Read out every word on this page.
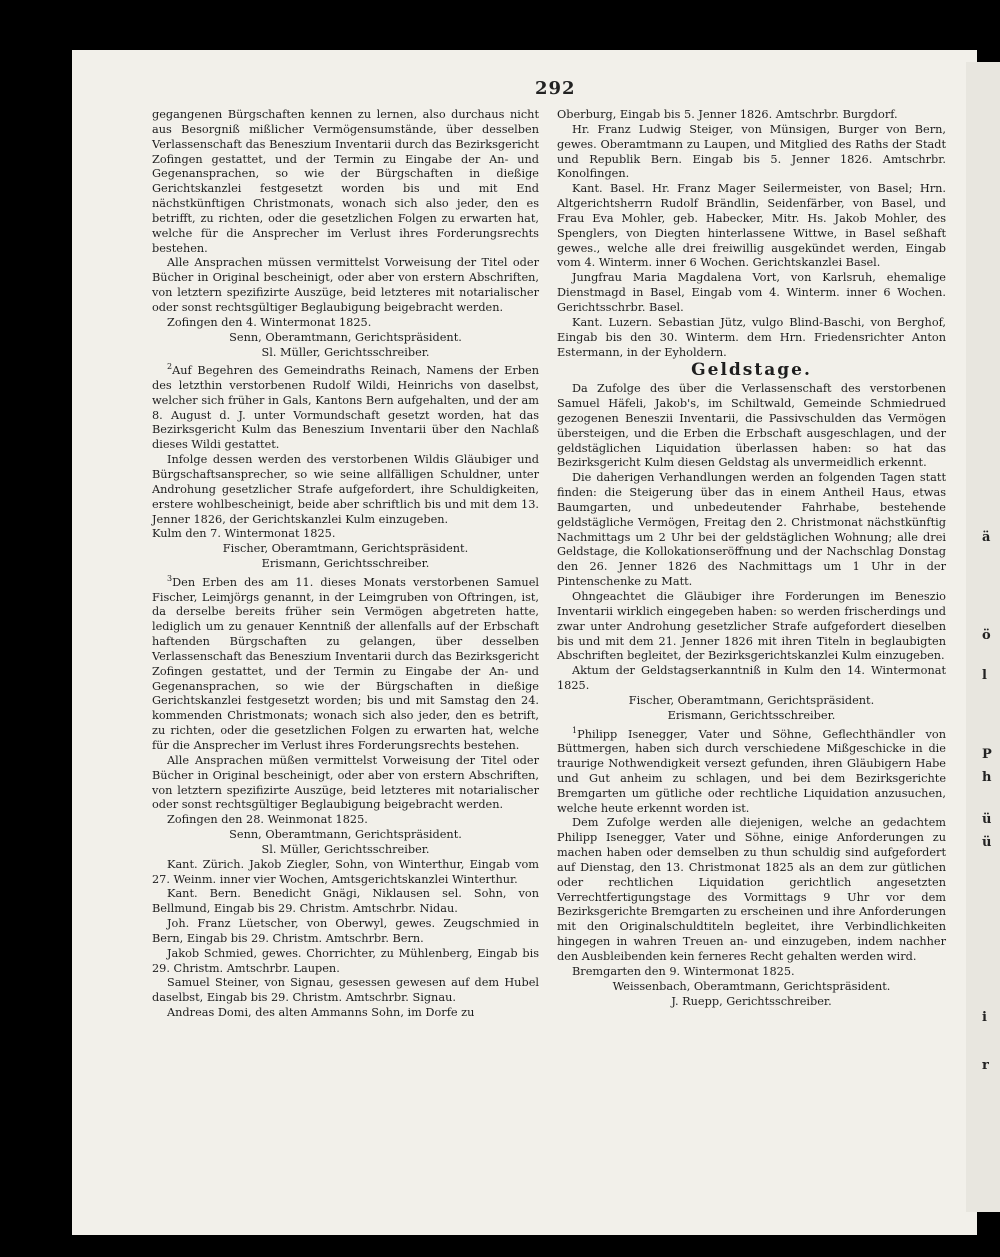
ä
ö
l
P
h
ü
ü
i
r
292

gegangenen Bürgschaften kennen zu lernen, also durchaus nicht aus Besorgniß mißlicher Vermögensumstände, über desselben Verlassenschaft das Beneszium Inventarii durch das Bezirksgericht Zofingen gestattet, und der Termin zu Eingabe der An- und Gegenansprachen, so wie der Bürgschaften in dießige Gerichtskanzlei festgesetzt worden bis und mit End nächstkünftigen Christmonats, wonach sich also jeder, den es betrifft, zu richten, oder die gesetzlichen Folgen zu erwarten hat, welche für die Ansprecher im Verlust ihres Forderungsrechts bestehen.

Alle Ansprachen müssen vermittelst Vorweisung der Titel oder Bücher in Original bescheinigt, oder aber von erstern Abschriften, von letztern spezifizirte Auszüge, beid letzteres mit notarialischer oder sonst rechtsgültiger Beglaubigung beigebracht werden.

Zofingen den 4. Wintermonat 1825.

Senn, Oberamtmann, Gerichtspräsident.

Sl. Müller, Gerichtsschreiber.

$^2$Auf Begehren des Gemeindraths Reinach, Namens der Erben des letzthin verstorbenen Rudolf Wildi, Heinrichs von daselbst, welcher sich früher in Gals, Kantons Bern aufgehalten, und der am 8. August d. J. unter Vormundschaft gesetzt worden, hat das Bezirksgericht Kulm das Beneszium Inventarii über den Nachlaß dieses Wildi gestattet.

Infolge dessen werden des verstorbenen Wildis Gläubiger und Bürgschaftsansprecher, so wie seine allfälligen Schuldner, unter Androhung gesetzlicher Strafe aufgefordert, ihre Schuldigkeiten, erstere wohlbescheinigt, beide aber schriftlich bis und mit dem 13. Jenner 1826, der Gerichtskanzlei Kulm einzugeben.

Kulm den 7. Wintermonat 1825.

Fischer, Oberamtmann, Gerichtspräsident.

Erismann, Gerichtsschreiber.

$^3$Den Erben des am 11. dieses Monats verstorbenen Samuel Fischer, Leimjörgs genannt, in der Leimgruben von Oftringen, ist, da derselbe bereits früher sein Vermögen abgetreten hatte, lediglich um zu genauer Kenntniß der allenfalls auf der Erbschaft haftenden Bürgschaften zu gelangen, über desselben Verlassenschaft das Beneszium Inventarii durch das Bezirksgericht Zofingen gestattet, und der Termin zu Eingabe der An- und Gegenansprachen, so wie der Bürgschaften in dießige Gerichtskanzlei festgesetzt worden; bis und mit Samstag den 24. kommenden Christmonats; wonach sich also jeder, den es betrift, zu richten, oder die gesetzlichen Folgen zu erwarten hat, welche für die Ansprecher im Verlust ihres Forderungsrechts bestehen.

Alle Ansprachen müßen vermittelst Vorweisung der Titel oder Bücher in Original bescheinigt, oder aber von erstern Abschriften, von letztern spezifizirte Auszüge, beid letzteres mit notarialischer oder sonst rechtsgültiger Beglaubigung beigebracht werden.

Zofingen den 28. Weinmonat 1825.

Senn, Oberamtmann, Gerichtspräsident.

Sl. Müller, Gerichtsschreiber.

Kant. Zürich. Jakob Ziegler, Sohn, von Winterthur, Eingab vom 27. Weinm. inner vier Wochen, Amtsgerichtskanzlei Winterthur.

Kant. Bern. Benedicht Gnägi, Niklausen sel. Sohn, von Bellmund, Eingab bis 29. Christm. Amtschrbr. Nidau.

Joh. Franz Lüetscher, von Oberwyl, gewes. Zeugschmied in Bern, Eingab bis 29. Christm. Amtschrbr. Bern.

Jakob Schmied, gewes. Chorrichter, zu Mühlenberg, Eingab bis 29. Christm. Amtschrbr. Laupen.

Samuel Steiner, von Signau, gesessen gewesen auf dem Hubel daselbst, Eingab bis 29. Christm. Amtschrbr. Signau.

Andreas Domi, des alten Ammanns Sohn, im Dorfe zu

Oberburg, Eingab bis 5. Jenner 1826. Amtschrbr. Burgdorf.

Hr. Franz Ludwig Steiger, von Münsigen, Burger von Bern, gewes. Oberamtmann zu Laupen, und Mitglied des Raths der Stadt und Republik Bern. Eingab bis 5. Jenner 1826. Amtschrbr. Konolfingen.

Kant. Basel. Hr. Franz Mager Seilermeister, von Basel; Hrn. Altgerichtsherrn Rudolf Brändlin, Seidenfärber, von Basel, und Frau Eva Mohler, geb. Habecker, Mitr. Hs. Jakob Mohler, des Spenglers, von Diegten hinterlassene Wittwe, in Basel seßhaft gewes., welche alle drei freiwillig ausgekündet werden, Eingab vom 4. Winterm. inner 6 Wochen. Gerichtskanzlei Basel.

Jungfrau Maria Magdalena Vort, von Karlsruh, ehemalige Dienstmagd in Basel, Eingab vom 4. Winterm. inner 6 Wochen. Gerichtsschrbr. Basel.

Kant. Luzern. Sebastian Jütz, vulgo Blind-Baschi, von Berghof, Eingab bis den 30. Winterm. dem Hrn. Friedensrichter Anton Estermann, in der Eyholdern.

Geldstage.

Da Zufolge des über die Verlassenschaft des verstorbenen Samuel Häfeli, Jakob's, im Schiltwald, Gemeinde Schmiedrued gezogenen Beneszii Inventarii, die Passivschulden das Vermögen übersteigen, und die Erben die Erbschaft ausgeschlagen, und der geldstäglichen Liquidation überlassen haben: so hat das Bezirksgericht Kulm diesen Geldstag als unvermeidlich erkennt.

Die daherigen Verhandlungen werden an folgenden Tagen statt finden: die Steigerung über das in einem Antheil Haus, etwas Baumgarten, und unbedeutender Fahrhabe, bestehende geldstägliche Vermögen, Freitag den 2. Christmonat nächstkünftig Nachmittags um 2 Uhr bei der geldstäglichen Wohnung; alle drei Geldstage, die Kollokationseröffnung und der Nachschlag Donstag den 26. Jenner 1826 des Nachmittags um 1 Uhr in der Pintenschenke zu Matt.

Ohngeachtet die Gläubiger ihre Forderungen im Beneszio Inventarii wirklich eingegeben haben: so werden frischerdings und zwar unter Androhung gesetzlicher Strafe aufgefordert dieselben bis und mit dem 21. Jenner 1826 mit ihren Titeln in beglaubigten Abschriften begleitet, der Bezirksgerichtskanzlei Kulm einzugeben.

Aktum der Geldstagserkanntniß in Kulm den 14. Wintermonat 1825.

Fischer, Oberamtmann, Gerichtspräsident.

Erismann, Gerichtsschreiber.

$^1$Philipp Isenegger, Vater und Söhne, Geflechthändler von Büttmergen, haben sich durch verschiedene Mißgeschicke in die traurige Nothwendigkeit versezt gefunden, ihren Gläubigern Habe und Gut anheim zu schlagen, und bei dem Bezirksgerichte Bremgarten um gütliche oder rechtliche Liquidation anzusuchen, welche heute erkennt worden ist.

Dem Zufolge werden alle diejenigen, welche an gedachtem Philipp Isenegger, Vater und Söhne, einige Anforderungen zu machen haben oder demselben zu thun schuldig sind aufgefordert auf Dienstag, den 13. Christmonat 1825 als an dem zur gütlichen oder rechtlichen Liquidation gerichtlich angesetzten Verrechtfertigungstage des Vormittags 9 Uhr vor dem Bezirksgerichte Bremgarten zu erscheinen und ihre Anforderungen mit den Originalschuldtiteln begleitet, ihre Verbindlichkeiten hingegen in wahren Treuen an- und einzugeben, indem nachher den Ausbleibenden kein ferneres Recht gehalten werden wird.

Bremgarten den 9. Wintermonat 1825.

Weissenbach, Oberamtmann, Gerichtspräsident.

J. Ruepp, Gerichtsschreiber.
